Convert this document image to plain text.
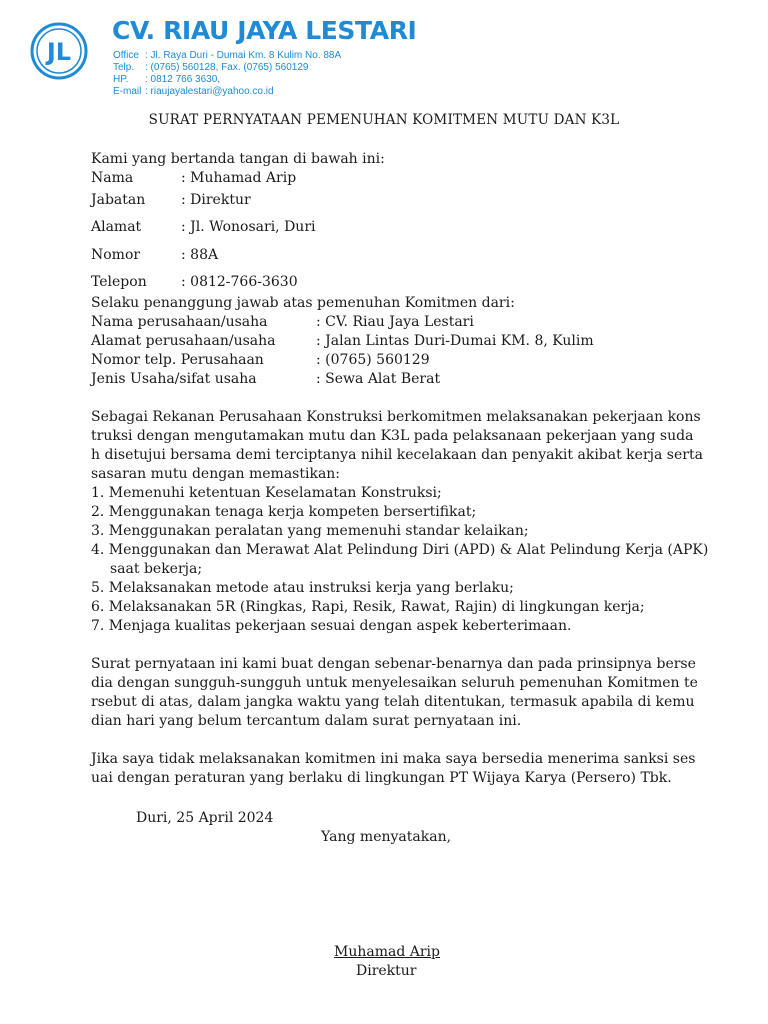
JL
CV. RIAU JAYA LESTARI
Office : Jl. Raya Duri - Dumai Km. 8 Kulim No. 88A
Telp. : (0765) 560128, Fax. (0765) 560129
HP. : 0812 766 3630,
E-mail : riaujayalestari@yahoo.co.id
SURAT PERNYATAAN PEMENUHAN KOMITMEN MUTU DAN K3L
Kami yang bertanda tangan di bawah ini:
Nama	: Muhamad Arip
Jabatan	: Direktur
Alamat	: Jl. Wonosari, Duri
Nomor	: 88A
Telepon : 0812-766-3630
Selaku penanggung jawab atas pemenuhan Komitmen dari:
Nama perusahaan/usaha	: CV. Riau Jaya Lestari
Alamat perusahaan/usaha	: Jalan Lintas Duri-Dumai KM. 8, Kulim
Nomor telp. Perusahaan	: (0765) 560129
Jenis Usaha/sifat usaha	: Sewa Alat Berat
Sebagai Rekanan Perusahaan Konstruksi berkomitmen melaksanakan pekerjaan kons
truksi dengan mengutamakan mutu dan K3L pada pelaksanaan pekerjaan yang suda
h disetujui bersama demi terciptanya nihil kecelakaan dan penyakit akibat kerja serta
sasaran mutu dengan memastikan:
1. Memenuhi ketentuan Keselamatan Konstruksi;
2. Menggunakan tenaga kerja kompeten bersertifikat;
3. Menggunakan peralatan yang memenuhi standar kelaikan;
4. Menggunakan dan Merawat Alat Pelindung Diri (APD) & Alat Pelindung Kerja (APK)
saat bekerja;
5. Melaksanakan metode atau instruksi kerja yang berlaku;
6. Melaksanakan 5R (Ringkas, Rapi, Resik, Rawat, Rajin) di lingkungan kerja;
7. Menjaga kualitas pekerjaan sesuai dengan aspek keberterimaan.
Surat pernyataan ini kami buat dengan sebenar-benarnya dan pada prinsipnya berse
dia dengan sungguh-sungguh untuk menyelesaikan seluruh pemenuhan Komitmen te
rsebut di atas, dalam jangka waktu yang telah ditentukan, termasuk apabila di kemu
dian hari yang belum tercantum dalam surat pernyataan ini.
Jika saya tidak melaksanakan komitmen ini maka saya bersedia menerima sanksi ses
uai dengan peraturan yang berlaku di lingkungan PT Wijaya Karya (Persero) Tbk.
Duri, 25 April 2024
Yang menyatakan,
Muhamad Arip
Direktur
